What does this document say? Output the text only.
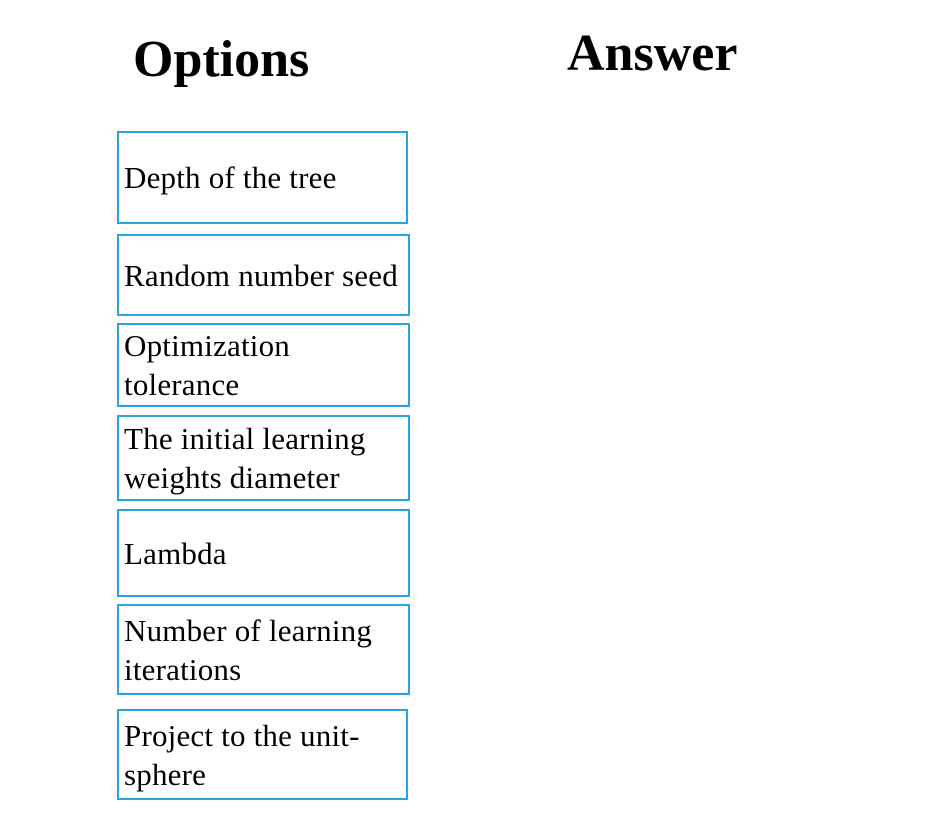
Options	Answer
Depth of the tree
Random number seed
Optimization tolerance
The initial learning weights diameter
Lambda
Number of learning iterations
Project to the unit-sphere
